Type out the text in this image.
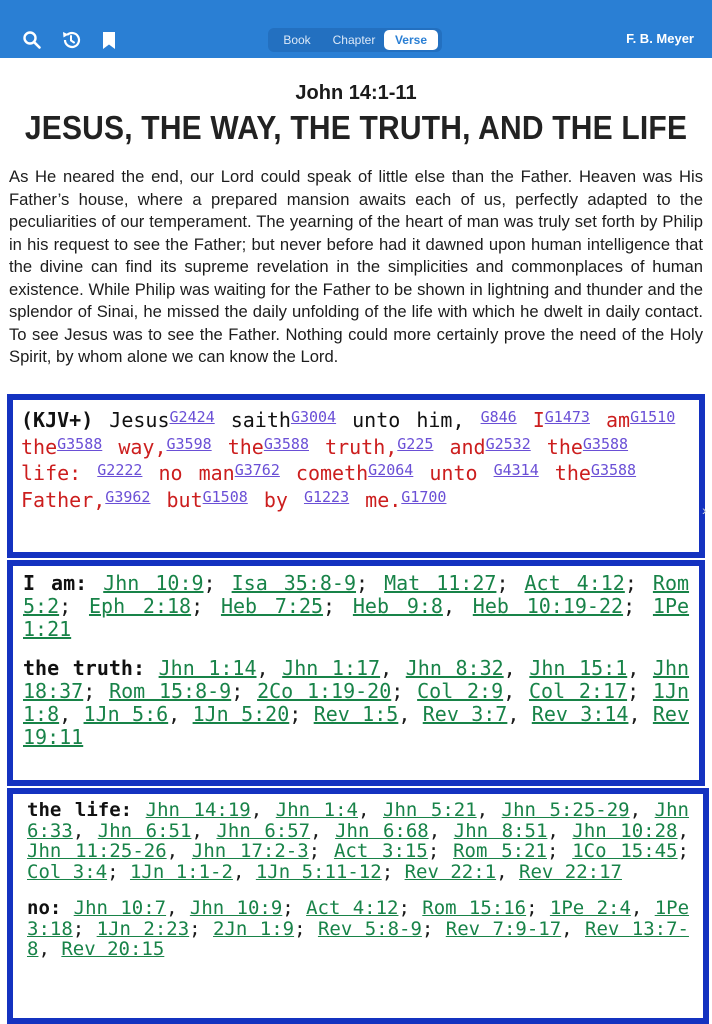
Book	Chapter	Verse	F. B. Meyer
John 14:1-11
JESUS, THE WAY, THE TRUTH, AND THE LIFE
As He neared the end, our Lord could speak of little else than the Father. Heaven was His Father’s house, where a prepared mansion awaits each of us, perfectly adapted to the peculiarities of our temperament. The yearning of the heart of man was truly set forth by Philip in his request to see the Father; but never before had it dawned upon human intelligence that the divine can find its supreme revelation in the simplicities and commonplaces of human existence. While Philip was waiting for the Father to be shown in lightning and thunder and the splendor of Sinai, he missed the daily unfolding of the life with which he dwelt in daily contact. To see Jesus was to see the Father. Nothing could more certainly prove the need of the Holy Spirit, by whom alone we can know the Lord.
(KJV+) Jesus$^{G2424}$ saith$^{G3004}$ unto him, $^{G846}$ $I^{G1473}$ $am^{G1510}$ the$^{G3588}$ way,$^{G3598}$ the$^{G3588}$ truth,$^{G225}$ and$^{G2532}$ the$^{G3588}$ life: $^{G2222}$ no man$^{G3762}$ cometh$^{G2064}$ unto $^{G4314}$ the$^{G3588}$ Father,$^{G3962}$ but$^{G1508}$ by $^{G1223}$ me.$^{G1700}$

I am: Jhn 10:9; Isa 35:8-9; Mat 11:27; Act 4:12; Rom 5:2; Eph 2:18; Heb 7:25; Heb 9:8, Heb 10:19-22; 1Pe 1:21

the truth: Jhn 1:14, Jhn 1:17, Jhn 8:32, Jhn 15:1, Jhn 18:37; Rom 15:8-9; 2Co 1:19-20; Col 2:9, Col 2:17; 1Jn 1:8, 1Jn 5:6, 1Jn 5:20; Rev 1:5, Rev 3:7, Rev 3:14, Rev 19:11

the life: Jhn 14:19, Jhn 1:4, Jhn 5:21, Jhn 5:25-29, Jhn 6:33, Jhn 6:51, Jhn 6:57, Jhn 6:68, Jhn 8:51, Jhn 10:28, Jhn 11:25-26, Jhn 17:2-3; Act 3:15; Rom 5:21; 1Co 15:45; Col 3:4; 1Jn 1:1-2, 1Jn 5:11-12; Rev 22:1, Rev 22:17

no: Jhn 10:7, Jhn 10:9; Act 4:12; Rom 15:16; 1Pe 2:4, 1Pe 3:18; 1Jn 2:23; 2Jn 1:9; Rev 5:8-9; Rev 7:9-17, Rev 13:7-8, Rev 20:15

›
